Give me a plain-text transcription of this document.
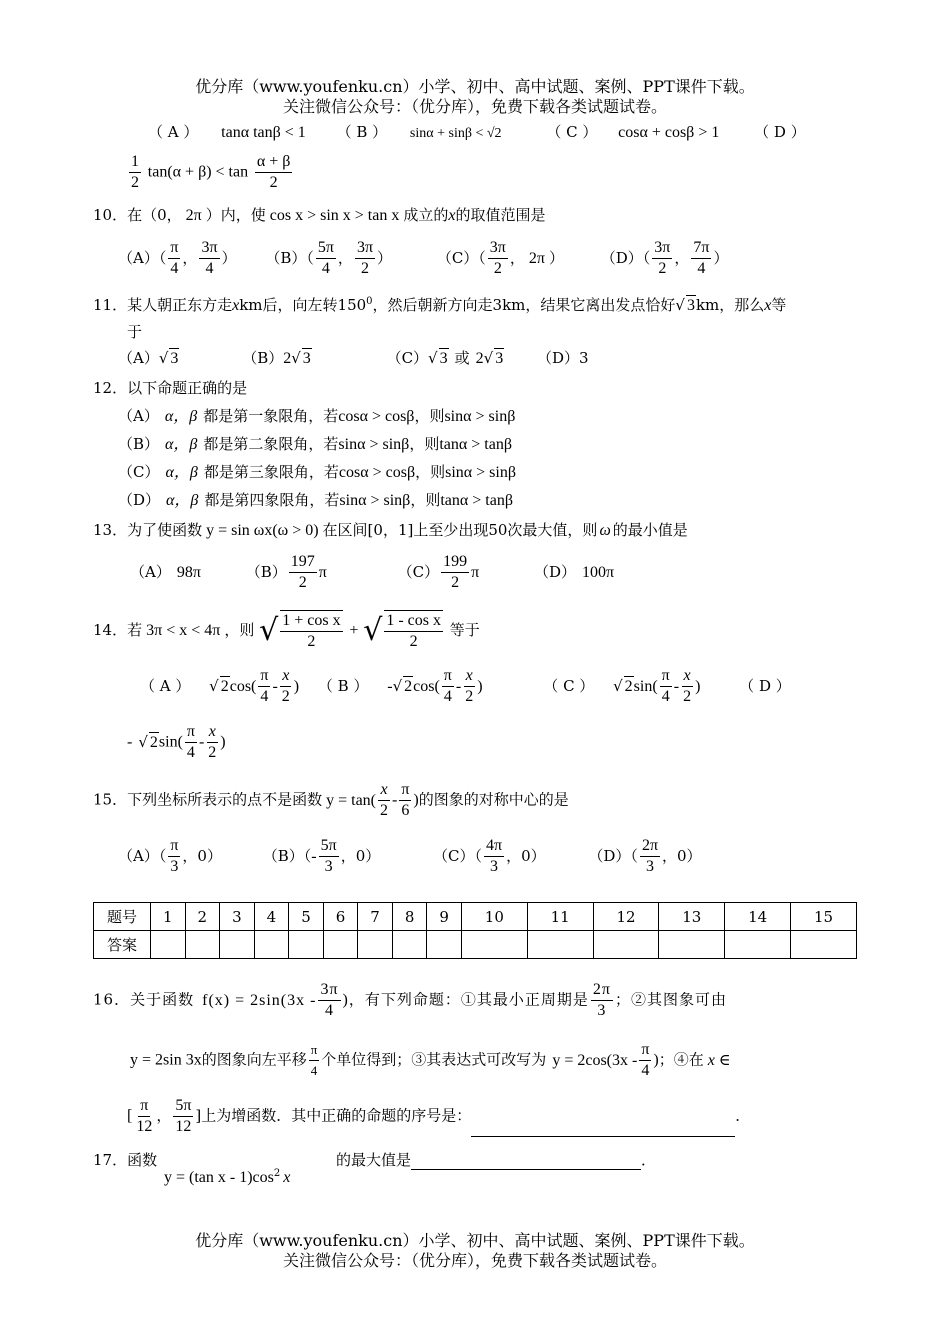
优分库（www.youfenku.cn）小学、初中、高中试题、案例、PPT课件下载。
关注微信公众号：（优分库），免费下载各类试题试卷。
（ A ） tanα tanβ < 1 （ B ） sinα + sinβ < √2	（ C ） cosα + cosβ > 1 （ D ）
$\frac{1}{2} \tan(\alpha + \beta) < \tan \frac{\alpha + \beta}{2}$
10．在（0， 2π ）内，使 cos x > sin x > tan x 成立的x的取值范围是
$(A)( \frac{\pi}{4}$ ， $\frac{3\pi}{4}$ ） $(B)( \frac{5\pi}{4}$ ， $\frac{3\pi}{2}$ ）	$(C)( \frac{3\pi}{2}$ ， 2π ） $(D)( \frac{3\pi}{2}$ ， $\frac{7\pi}{4}$ ）
11．某人朝正东方走xkm后，向左转$150^0$，然后朝新方向走3km，结果它离出发点恰好√ 3km，那么x等
于
（A）√ 3	（B）2√ 3	（C）√ 3 或 2√ 3 （D）3
12．以下命题正确的是
（A） α，β 都是第一象限角，若cosα > cosβ，则sinα > sinβ
（B） α，β 都是第二象限角，若sinα > sinβ，则tanα > tanβ
（C） α，β 都是第三象限角，若cosα > cosβ，则sinα > sinβ
（D） α，β 都是第四象限角，若sinα > sinβ，则tanα > tanβ
13．为了使函数 y = sin ωx(ω > 0) 在区间[0，1]上至少出现50次最大值，则 ω 的最小值是
（A） 98π	$(B) \frac{197}{2}$ π	$(C) \frac{199}{2}$ π	（D） 100π
14．若 3π < x < 4π ，则 √ $\frac{\text{1 + cos x}}{2}$ + √ $\frac{\text{1 - cos x}}{2}$ 等于
（ A ） √ $2\cos( \frac{\pi}{4} - \frac{x}{2}$ ) （ B ） -√ $2\cos( \frac{\pi}{4} - \frac{x}{2}$ )	（ C ） √ $2\sin( \frac{\pi}{4} - \frac{x}{2}$ )	（ D ）
- √ $2\sin( \frac{\pi}{4} - \frac{x}{2}$ )
15．下列坐标所表示的点不是函数 $y = \tan( \frac{x}{2} - \frac{\pi}{6}$ )的图象的对称中心的是
$(A)( \frac{\pi}{3}$ ，0）	$(B)(- \frac{5\pi}{3}$ ，0）	$(C)( \frac{4\pi}{3}$ ，0）	$(D)( \frac{2\pi}{3}$ ，0）
题号	1	2	3	4	5	6	7	8	9	10	11	12	13	14	15
答案															
16．关于函数 $f(x) = 2\sin(3x - \frac{3\pi}{4}$ )，有下列命题：①其最小正周期是 $\frac{2\pi}{3}$ ；②其图象可由
y = 2sin 3x的图象向左平移 $\frac{\pi}{4}$ 个单位得到；③其表达式可改写为 $y = 2\cos(3x - \frac{\pi}{4}$ )；④在 x ∈
[ $\frac{\pi}{12}$ ， $\frac{5\pi}{12}$ ]上为增函数．其中正确的命题的序号是：	．
17．函数
y = (tan x - $1)\cos^2$ x
的最大值是	．
优分库（www.youfenku.cn）小学、初中、高中试题、案例、PPT课件下载。
关注微信公众号：（优分库），免费下载各类试题试卷。
